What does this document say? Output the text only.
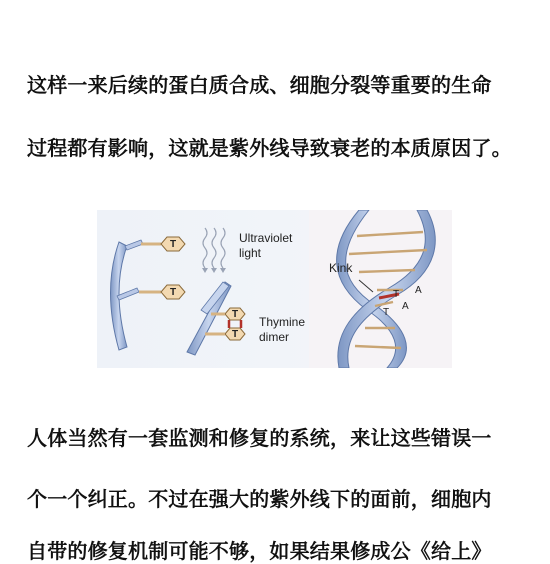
这样一来后续的蛋白质合成、细胞分裂等重要的生命
过程都有影响，这就是紫外线导致衰老的本质原因了。
Ultraviolet
light
Thymine
dimer
Kink
T
T
T
T
T
T
A
A
人体当然有一套监测和修复的系统，来让这些错误一
个一个纠正。不过在强大的紫外线下的面前，细胞内
自带的修复机制可能不够，如果结果修成公《给上》
